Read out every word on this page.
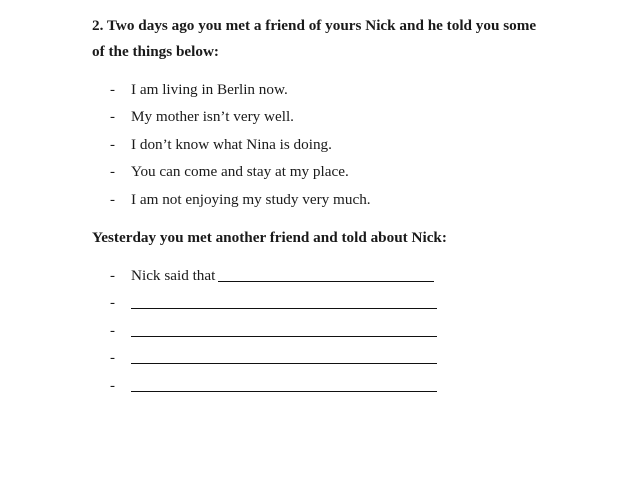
2. Two days ago you met a friend of yours Nick and he told you some
of the things below:
-	I am living in Berlin now.
-	My mother isn’t very well.
-	I don’t know what Nina is doing.
-	You can come and stay at my place.
-	I am not enjoying my study very much.
Yesterday you met another friend and told about Nick:
-	Nick said that
-
-
-
-
